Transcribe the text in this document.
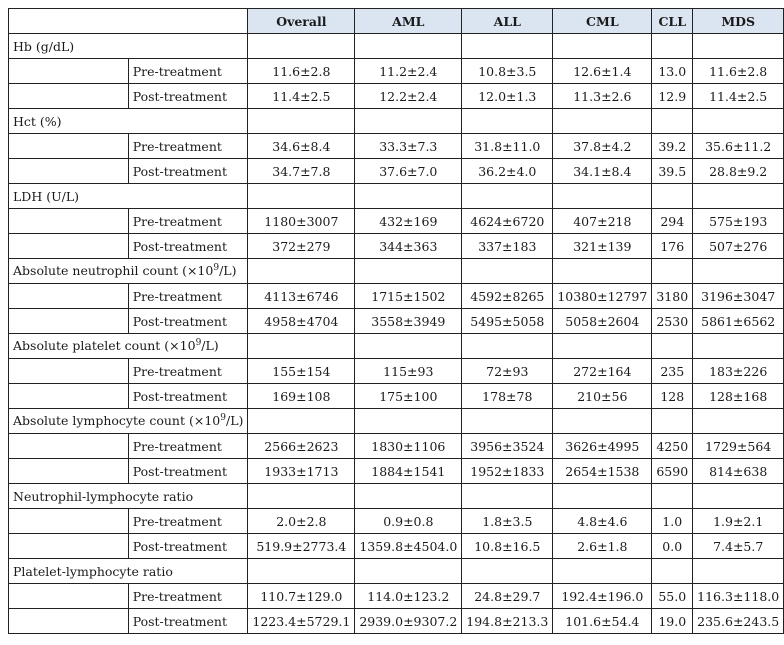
		Overall	AML	ALL	CML	CLL	MDS
Hb (g/dL)							
	Pre-treatment	11.6±2.8	11.2±2.4	10.8±3.5	12.6±1.4	13.0	11.6±2.8
	Post-treatment	11.4±2.5	12.2±2.4	12.0±1.3	11.3±2.6	12.9	11.4±2.5
Hct (%)							
	Pre-treatment	34.6±8.4	33.3±7.3	31.8±11.0	37.8±4.2	39.2	35.6±11.2
	Post-treatment	34.7±7.8	37.6±7.0	36.2±4.0	34.1±8.4	39.5	28.8±9.2
LDH (U/L)							
	Pre-treatment	1180±3007	432±169	4624±6720	407±218	294	575±193
	Post-treatment	372±279	344±363	337±183	321±139	176	507±276
Absolute neutrophil count $(\times 10^9/L)$							
	Pre-treatment	4113±6746	1715±1502	4592±8265	10380±12797	3180	3196±3047
	Post-treatment	4958±4704	3558±3949	5495±5058	5058±2604	2530	5861±6562
Absolute platelet count $(\times 10^9/L)$							
	Pre-treatment	155±154	115±93	72±93	272±164	235	183±226
	Post-treatment	169±108	175±100	178±78	210±56	128	128±168
Absolute lymphocyte count $(\times 10^9/L)$							
	Pre-treatment	2566±2623	1830±1106	3956±3524	3626±4995	4250	1729±564
	Post-treatment	1933±1713	1884±1541	1952±1833	2654±1538	6590	814±638
Neutrophil-lymphocyte ratio							
	Pre-treatment	2.0±2.8	0.9±0.8	1.8±3.5	4.8±4.6	1.0	1.9±2.1
	Post-treatment	519.9±2773.4	1359.8±4504.0	10.8±16.5	2.6±1.8	0.0	7.4±5.7
Platelet-lymphocyte ratio							
	Pre-treatment	110.7±129.0	114.0±123.2	24.8±29.7	192.4±196.0	55.0	116.3±118.0
	Post-treatment	1223.4±5729.1	2939.0±9307.2	194.8±213.3	101.6±54.4	19.0	235.6±243.5
